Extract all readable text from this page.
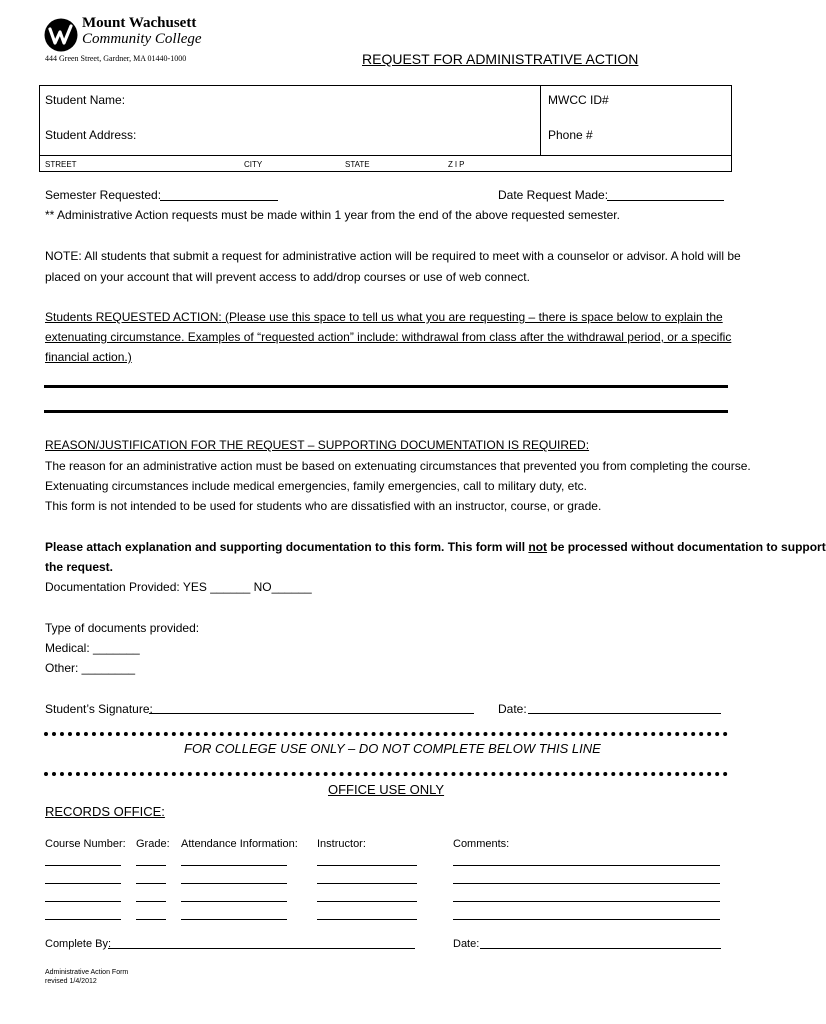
Mount Wachusett
Community College
444 Green Street, Gardner, MA 01440-1000	REQUEST FOR ADMINISTRATIVE ACTION
Student Name:	MWCC ID#
Student Address:	Phone #
STREET	CITY	STATE	ZIP
Semester Requested:	Date Request Made:
** Administrative Action requests must be made within 1 year from the end of the above requested semester.
NOTE: All students that submit a request for administrative action will be required to meet with a counselor or advisor. A hold will be
placed on your account that will prevent access to add/drop courses or use of web connect.
Students REQUESTED ACTION: (Please use this space to tell us what you are requesting – there is space below to explain the
extenuating circumstance. Examples of “requested action” include: withdrawal from class after the withdrawal period, or a specific
financial action.)
REASON/JUSTIFICATION FOR THE REQUEST – SUPPORTING DOCUMENTATION IS REQUIRED:
The reason for an administrative action must be based on extenuating circumstances that prevented you from completing the course.
Extenuating circumstances include medical emergencies, family emergencies, call to military duty, etc.
This form is not intended to be used for students who are dissatisfied with an instructor, course, or grade.
Please attach explanation and supporting documentation to this form. This form will not be processed without documentation to support
the request.
Documentation Provided: YES ______ NO______
Type of documents provided:
Medical: _______
Other: ________
Student’s Signature:	Date:
FOR COLLEGE USE ONLY – DO NOT COMPLETE BELOW THIS LINE
OFFICE USE ONLY
RECORDS OFFICE:
Course Number: Grade: Attendance Information: Instructor:	Comments:
Complete By:	Date:
Administrative Action Form
revised 1/4/2012
